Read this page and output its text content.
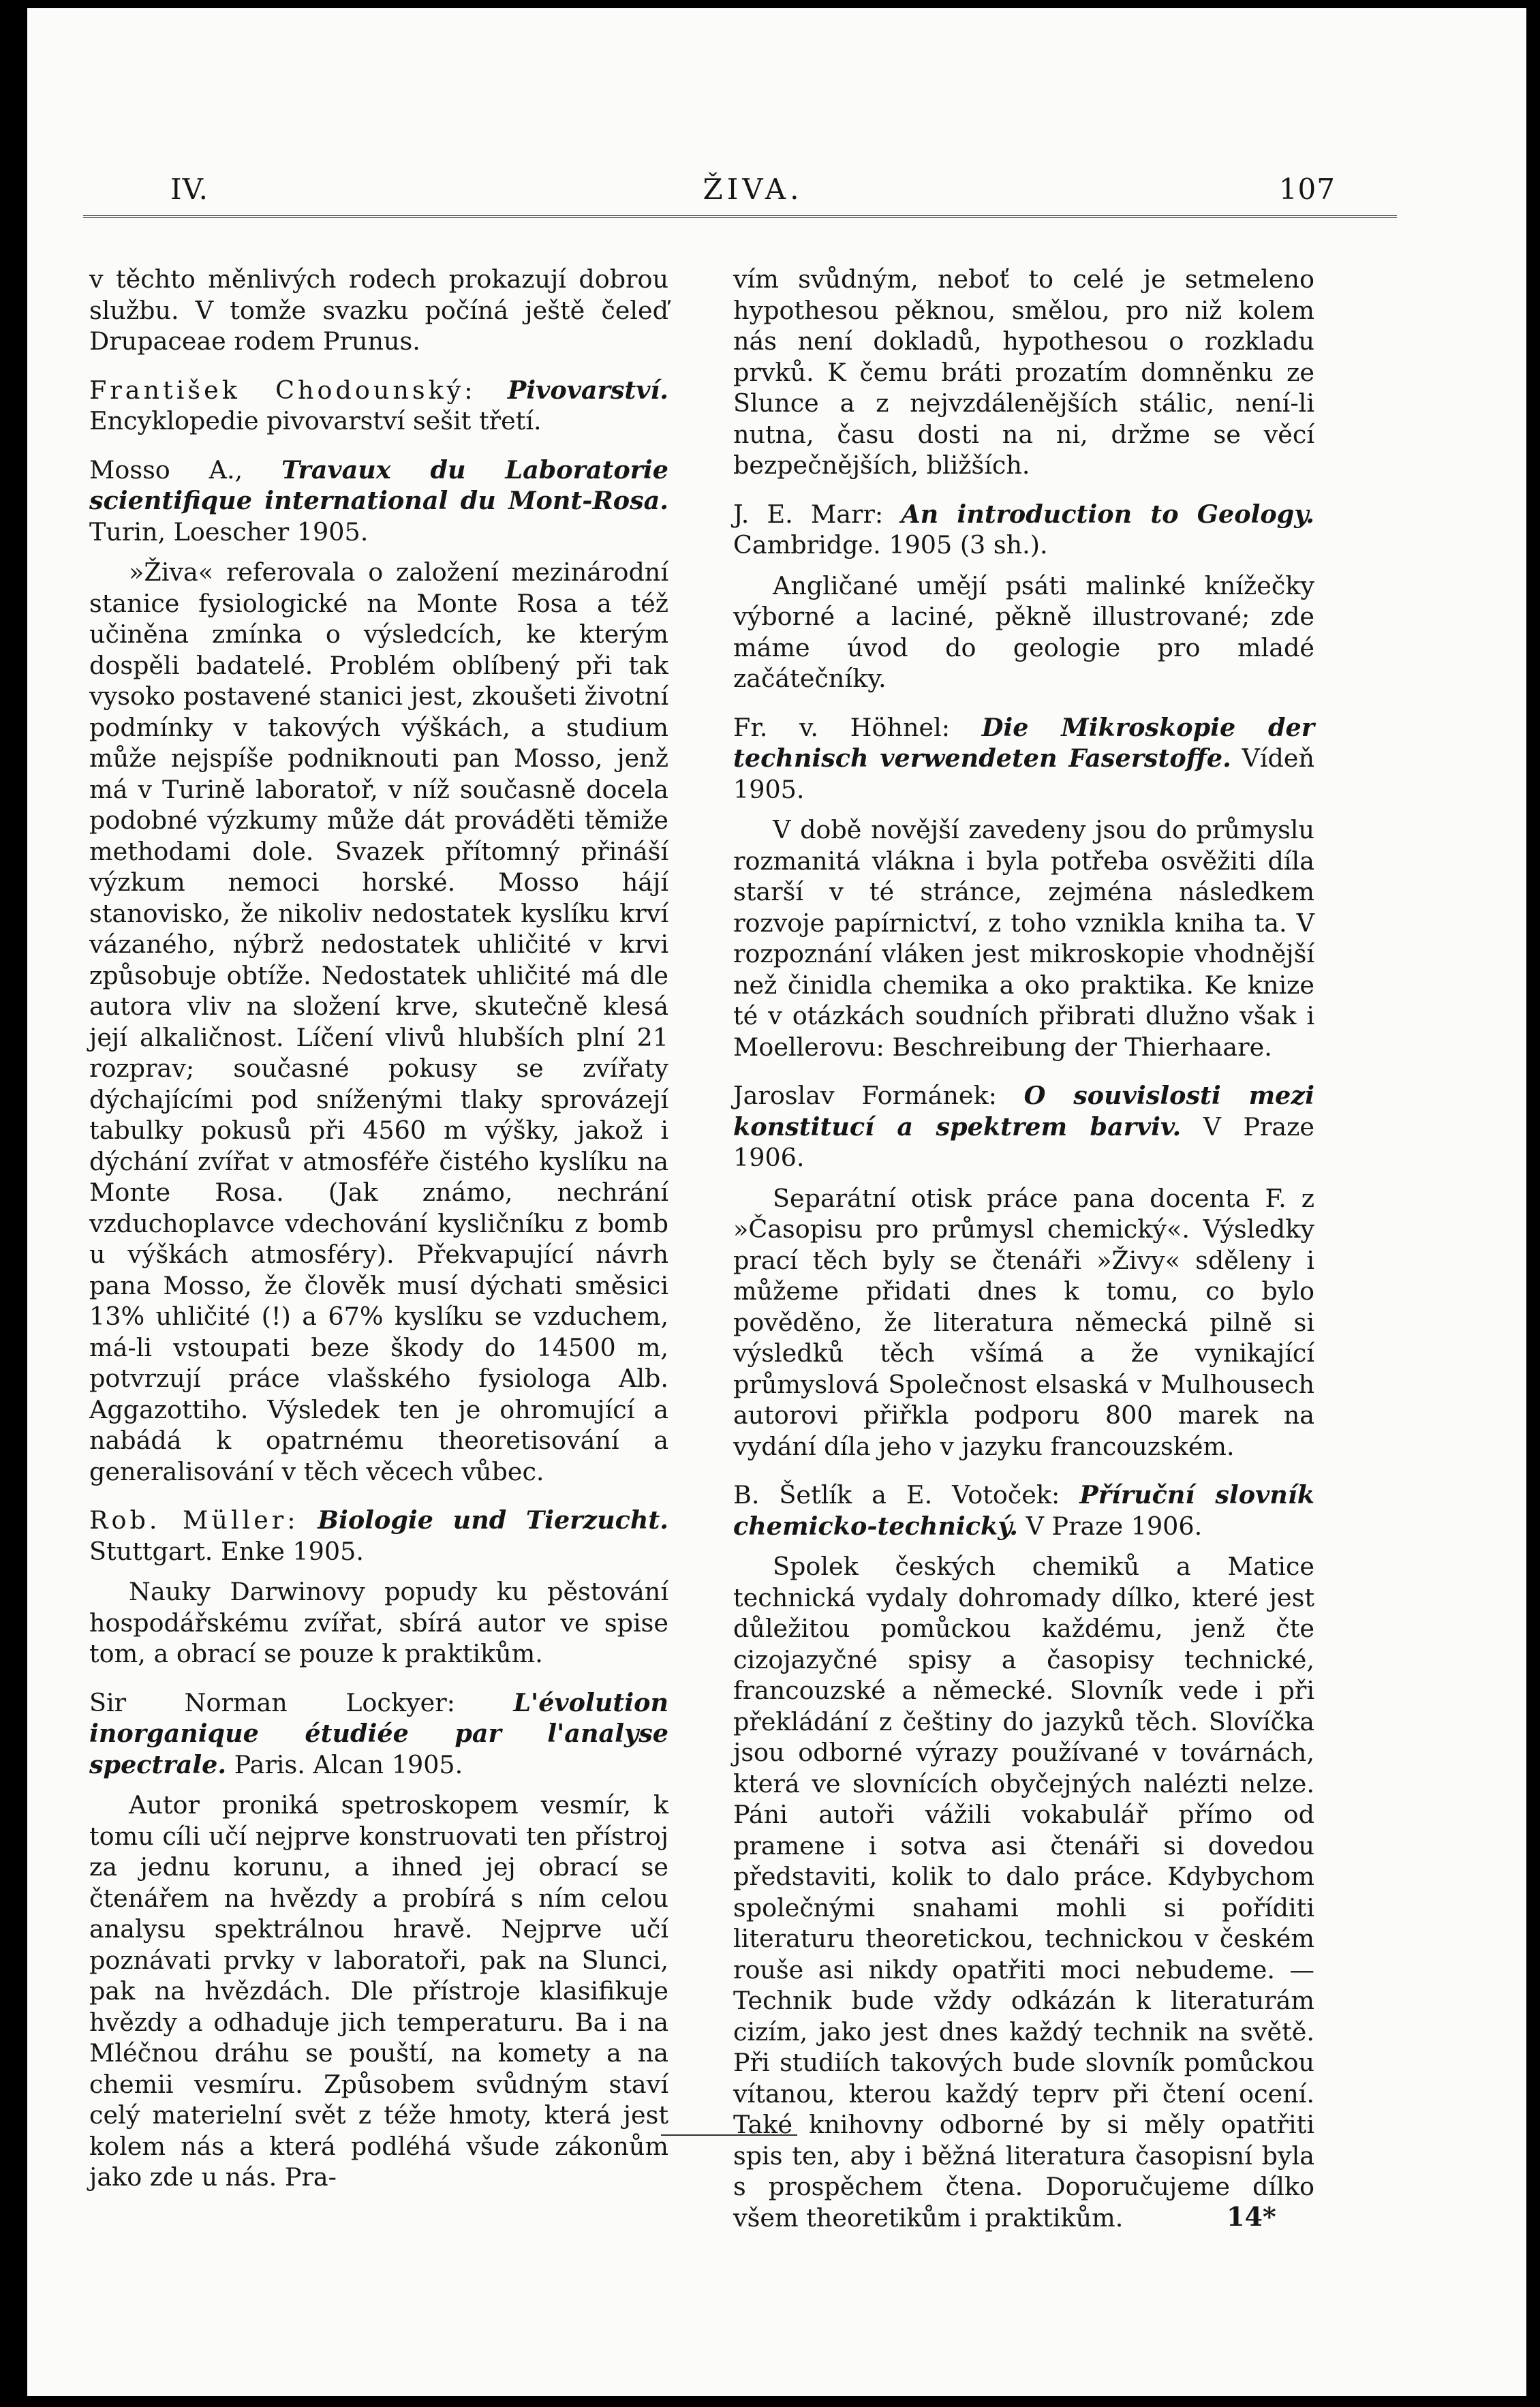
IV.	ŽIVA.	107

v těchto měnlivých rodech prokazují dobrou službu. V tomže svazku počíná ještě čeleď Drupaceae rodem Prunus.

František Chodounský: Pivovarství. Encyklopedie pivovarství sešit třetí.

Mosso A., Travaux du Laboratorie scientifique international du Mont-Rosa. Turin, Loescher 1905.

»Živa« referovala o založení mezinárodní stanice fysiologické na Monte Rosa a též učiněna zmínka o výsledcích, ke kterým dospěli badatelé. Problém oblíbený při tak vysoko postavené stanici jest, zkoušeti životní podmínky v takových výškách, a studium může nejspíše podniknouti pan Mosso, jenž má v Turině laboratoř, v níž současně docela podobné výzkumy může dát prováděti těmiže methodami dole. Svazek přítomný přináší výzkum nemoci horské. Mosso hájí stanovisko, že nikoliv nedostatek kyslíku krví vázaného, nýbrž nedostatek uhličité v krvi způsobuje obtíže. Nedostatek uhličité má dle autora vliv na složení krve, skutečně klesá její alkaličnost. Líčení vlivů hlubších plní 21 rozprav; současné pokusy se zvířaty dýchajícími pod sníženými tlaky sprovázejí tabulky pokusů při 4560 m výšky, jakož i dýchání zvířat v atmosféře čistého kyslíku na Monte Rosa. (Jak známo, nechrání vzduchoplavce vdechování kysličníku z bomb u výškách atmosféry). Překvapující návrh pana Mosso, že člověk musí dýchati směsici 13% uhličité (!) a 67% kyslíku se vzduchem, má-li vstoupati beze škody do 14500 m, potvrzují práce vlašského fysiologa Alb. Aggazottiho. Výsledek ten je ohromující a nabádá k opatrnému theoretisování a generalisování v těch věcech vůbec.

Rob. Müller: Biologie und Tierzucht. Stuttgart. Enke 1905.

Nauky Darwinovy popudy ku pěstování hospodářskému zvířat, sbírá autor ve spise tom, a obrací se pouze k praktikům.

Sir Norman Lockyer: L'évolution inorganique étudiée par l'analyse spectrale. Paris. Alcan 1905.

Autor proniká spetroskopem vesmír, k tomu cíli učí nejprve konstruovati ten přístroj za jednu korunu, a ihned jej obrací se čtenářem na hvězdy a probírá s ním celou analysu spektrálnou hravě. Nejprve učí poznávati prvky v laboratoři, pak na Slunci, pak na hvězdách. Dle přístroje klasifikuje hvězdy a odhaduje jich temperaturu. Ba i na Mléčnou dráhu se pouští, na komety a na chemii vesmíru. Způsobem svůdným staví celý materielní svět z téže hmoty, která jest kolem nás a která podléhá všude zákonům jako zde u nás. Pra-

vím svůdným, neboť to celé je setmeleno hypothesou pěknou, smělou, pro niž kolem nás není dokladů, hypothesou o rozkladu prvků. K čemu bráti prozatím domněnku ze Slunce a z nejvzdálenějších stálic, není-li nutna, času dosti na ni, držme se věcí bezpečnějších, bližších.

J. E. Marr: An introduction to Geology. Cambridge. 1905 (3 sh.).

Angličané umějí psáti malinké knížečky výborné a laciné, pěkně illustrované; zde máme úvod do geologie pro mladé začátečníky.

Fr. v. Höhnel: Die Mikroskopie der technisch verwendeten Faserstoffe. Vídeň 1905.

V době novější zavedeny jsou do průmyslu rozmanitá vlákna i byla potřeba osvěžiti díla starší v té stránce, zejména následkem rozvoje papírnictví, z toho vznikla kniha ta. V rozpoznání vláken jest mikroskopie vhodnější než činidla chemika a oko praktika. Ke knize té v otázkách soudních přibrati dlužno však i Moellerovu: Beschreibung der Thierhaare.

Jaroslav Formánek: O souvislosti mezi konstitucí a spektrem barviv. V Praze 1906.

Separátní otisk práce pana docenta F. z »Časopisu pro průmysl chemický«. Výsledky prací těch byly se čtenáři »Živy« sděleny i můžeme přidati dnes k tomu, co bylo pověděno, že literatura německá pilně si výsledků těch všímá a že vynikající průmyslová Společnost elsaská v Mulhousech autorovi přiřkla podporu 800 marek na vydání díla jeho v jazyku francouzském.

B. Šetlík a E. Votoček: Příruční slovník chemicko-technický. V Praze 1906.

Spolek českých chemiků a Matice technická vydaly dohromady dílko, které jest důležitou pomůckou každému, jenž čte cizojazyčné spisy a časopisy technické, francouzské a německé. Slovník vede i při překládání z češtiny do jazyků těch. Slovíčka jsou odborné výrazy používané v továrnách, která ve slovnících obyčejných nalézti nelze. Páni autoři vážili vokabulář přímo od pramene i sotva asi čtenáři si dovedou představiti, kolik to dalo práce. Kdybychom společnými snahami mohli si poříditi literaturu theoretickou, technickou v českém rouše asi nikdy opatřiti moci nebudeme. — Technik bude vždy odkázán k literaturám cizím, jako jest dnes každý technik na světě. Při studiích takových bude slovník pomůckou vítanou, kterou každý teprv při čtení ocení. Také knihovny odborné by si měly opatřiti spis ten, aby i běžná literatura časopisní byla s prospěchem čtena. Doporučujeme dílko všem theoretikům i praktikům.	14*
